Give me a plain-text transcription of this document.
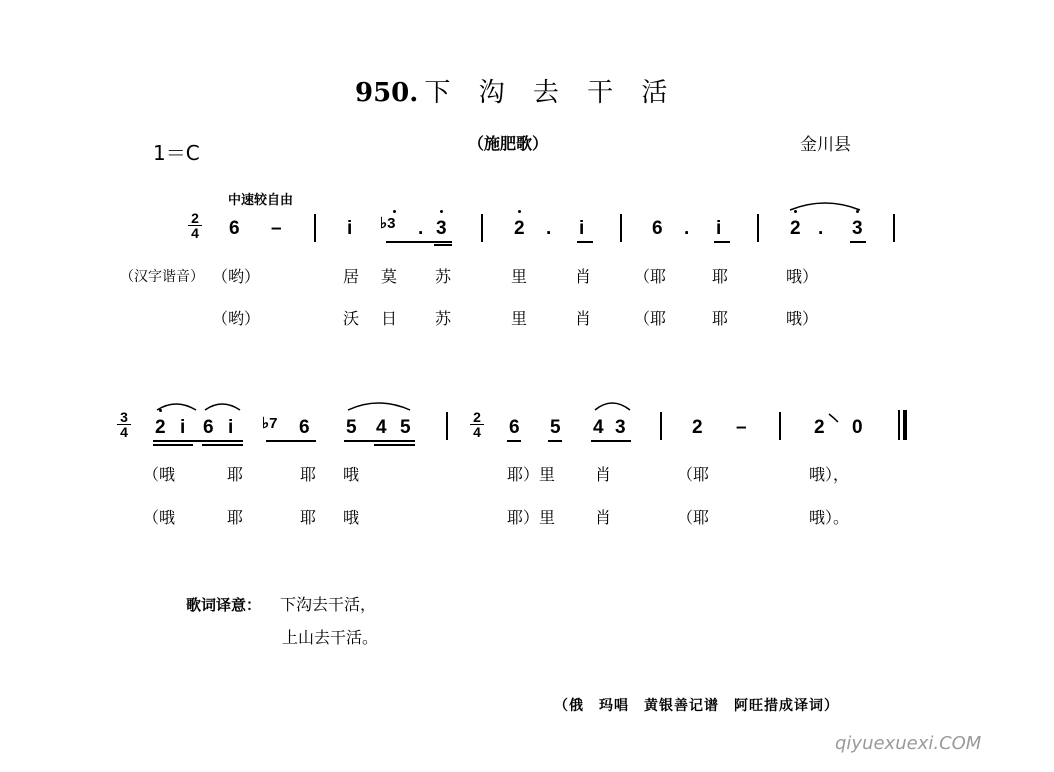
950. 下 沟 去 干 活
1＝C	（施肥歌）	金川县
中速较自由
2
4 6 –	i ♭3 . 3	2 . i	6 . i	2 . 3
（汉字谐音） （哟）	居 莫 苏	里	肖	（耶	耶	哦）
（哟）	沃 日 苏	里	肖	（耶	耶	哦）
3
4 2 i 6 i ♭7 6 5 4 5	2
4 6 5 4 3	2 –	2 0
（哦	耶	耶 哦	耶）里 肖	（耶	哦），
（哦	耶	耶 哦	耶）里 肖	（耶	哦）。
歌词译意： 下沟去干活，
上山去干活。
（俄　玛唱　黄银善记谱　阿旺措成译词）
qiyuexuexi.COM
